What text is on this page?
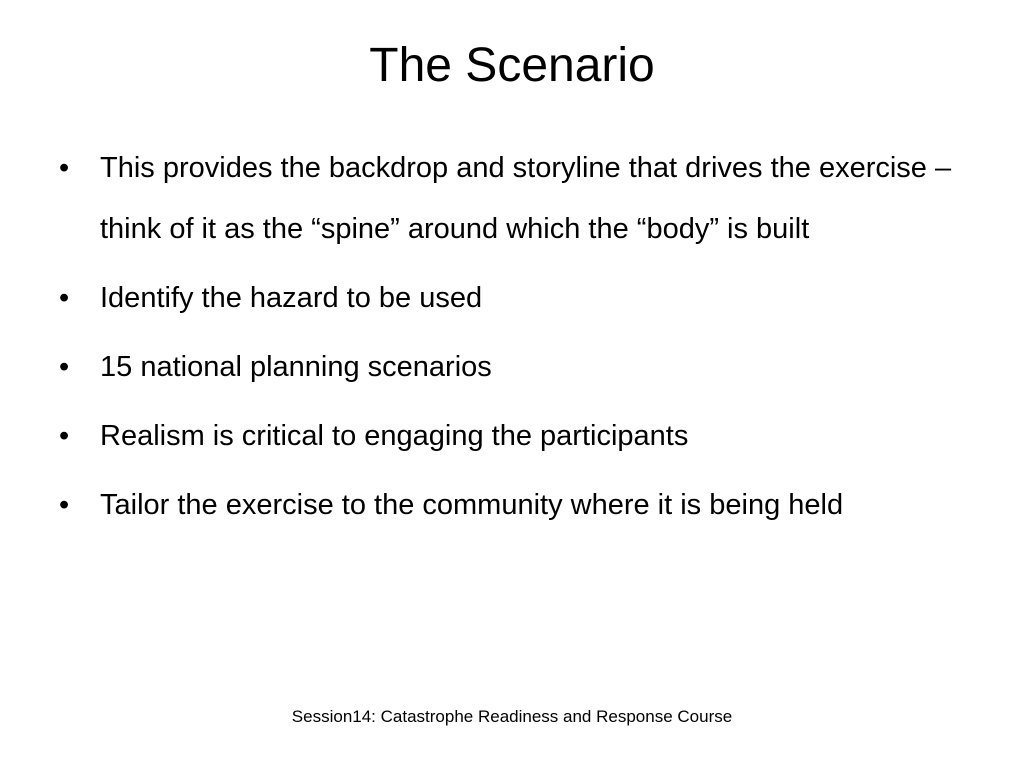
The Scenario
• This provides the backdrop and storyline that drives the exercise – think of it as the “spine” around which the “body” is built
• Identify the hazard to be used
• 15 national planning scenarios
• Realism is critical to engaging the participants
• Tailor the exercise to the community where it is being held
Session14: Catastrophe Readiness and Response Course
